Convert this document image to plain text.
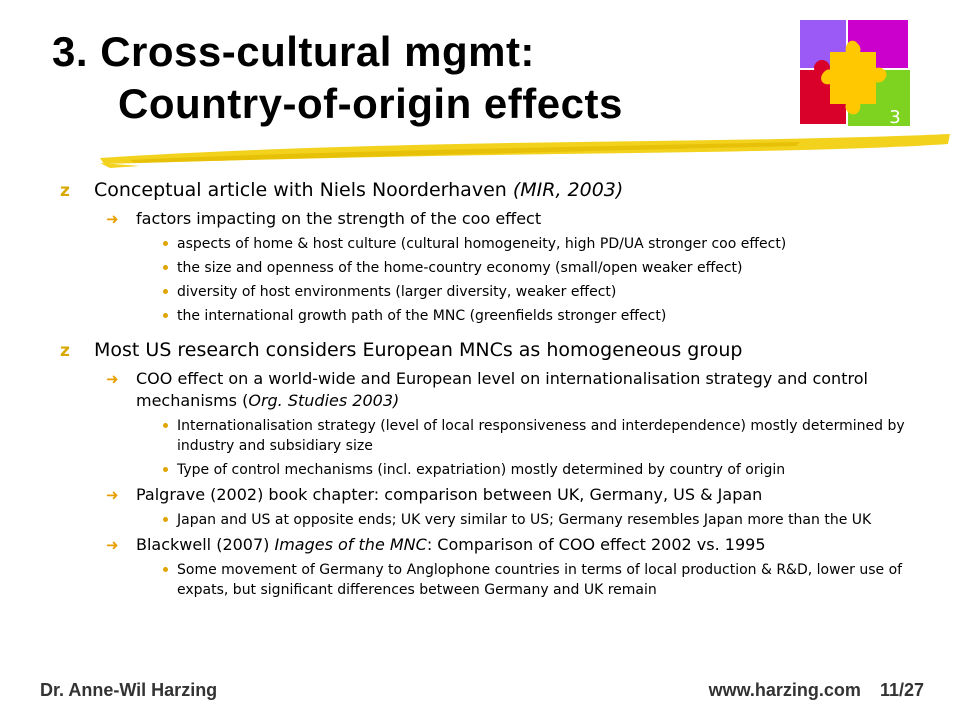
3. Cross-cultural mgmt:
Country-of-origin effects	3
z Conceptual article with Niels Noorderhaven (MIR, 2003)
➜ factors impacting on the strength of the coo effect
aspects of home & host culture (cultural homogeneity, high PD/UA stronger coo effect)
the size and openness of the home-country economy (small/open weaker effect)
diversity of host environments (larger diversity, weaker effect)
the international growth path of the MNC (greenfields stronger effect)
z Most US research considers European MNCs as homogeneous group
➜ COO effect on a world-wide and European level on internationalisation strategy and control mechanisms (Org. Studies 2003)
Internationalisation strategy (level of local responsiveness and interdependence) mostly determined by industry and subsidiary size
Type of control mechanisms (incl. expatriation) mostly determined by country of origin
➜ Palgrave (2002) book chapter: comparison between UK, Germany, US & Japan
Japan and US at opposite ends; UK very similar to US; Germany resembles Japan more than the UK
➜ Blackwell (2007) Images of the MNC: Comparison of COO effect 2002 vs. 1995
Some movement of Germany to Anglophone countries in terms of local production & R&D, lower use of expats, but significant differences between Germany and UK remain
Dr. Anne-Wil Harzing	www.harzing.com 11/27
